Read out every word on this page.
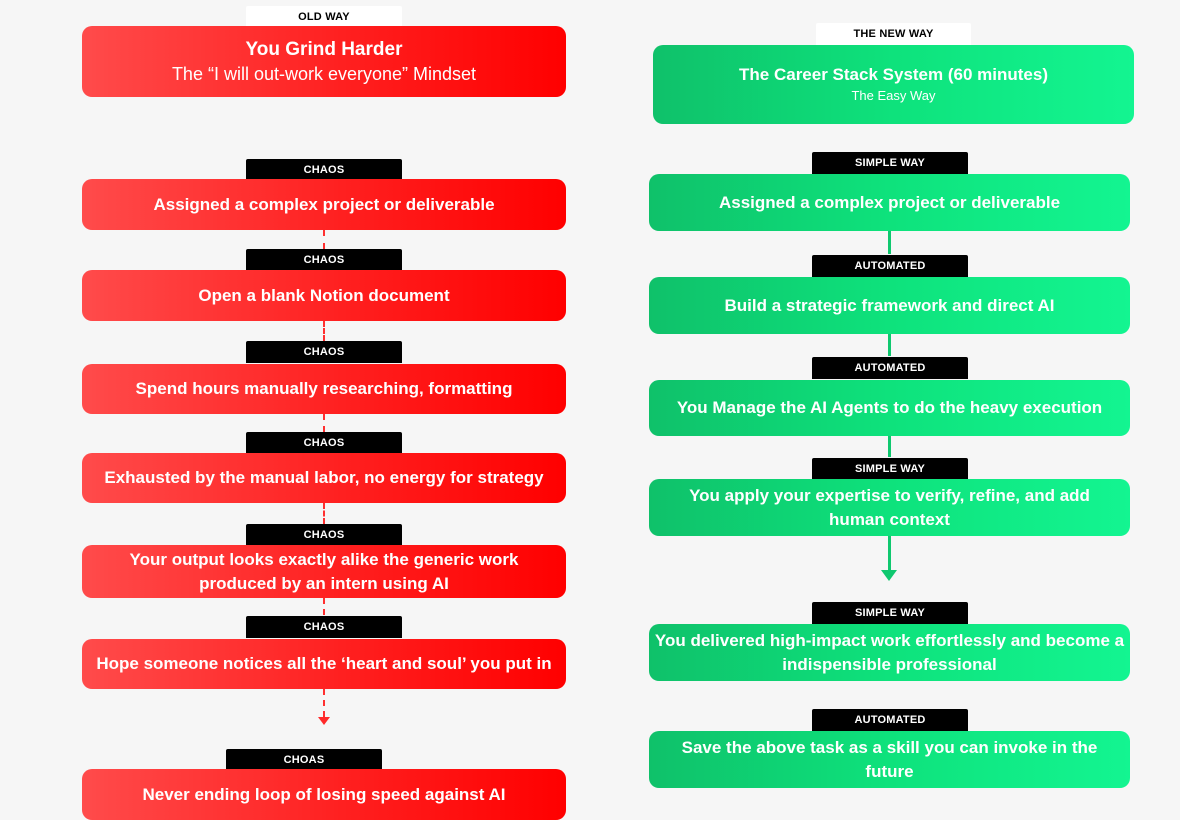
OLD WAY
You Grind Harder
The “I will out-work everyone” Mindset
CHAOS
Assigned a complex project or deliverable
CHAOS
Open a blank Notion document
CHAOS
Spend hours manually researching, formatting
CHAOS
Exhausted by the manual labor, no energy for strategy
CHAOS
Your output looks exactly alike the generic work produced by an intern using AI
CHAOS
Hope someone notices all the ‘heart and soul’ you put in
CHOAS
Never ending loop of losing speed against AI
THE NEW WAY
The Career Stack System (60 minutes)
The Easy Way
SIMPLE WAY
Assigned a complex project or deliverable
AUTOMATED
Build a strategic framework and direct AI
AUTOMATED
You Manage the AI Agents to do the heavy execution
SIMPLE WAY
You apply your expertise to verify, refine, and add human context
SIMPLE WAY
You delivered high-impact work effortlessly and become a indispensible professional
AUTOMATED
Save the above task as a skill you can invoke in the future
